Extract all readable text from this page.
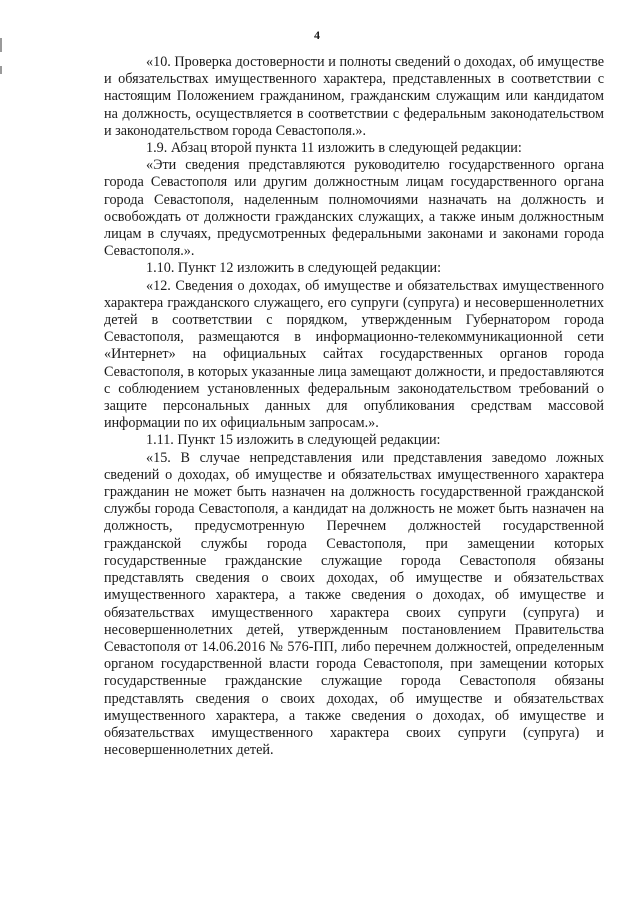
4

«10. Проверка достоверности и полноты сведений о доходах, об имуществе и обязательствах имущественного характера, представленных в соответствии с настоящим Положением гражданином, гражданским служащим или кандидатом на должность, осуществляется в соответствии с федеральным законодательством и законодательством города Севастополя.».

1.9. Абзац второй пункта 11 изложить в следующей редакции:

«Эти сведения представляются руководителю государственного органа города Севастополя или другим должностным лицам государственного органа города Севастополя, наделенным полномочиями назначать на должность и освобождать от должности гражданских служащих, а также иным должностным лицам в случаях, предусмотренных федеральными законами и законами города Севастополя.».

1.10. Пункт 12 изложить в следующей редакции:

«12. Сведения о доходах, об имуществе и обязательствах имущественного характера гражданского служащего, его супруги (супруга) и несовершеннолетних детей в соответствии с порядком, утвержденным Губернатором города Севастополя, размещаются в информационно-телекоммуникационной сети «Интернет» на официальных сайтах государственных органов города Севастополя, в которых указанные лица замещают должности, и предоставляются с соблюдением установленных федеральным законодательством требований о защите персональных данных для опубликования средствам массовой информации по их официальным запросам.».

1.11. Пункт 15 изложить в следующей редакции:

«15. В случае непредставления или представления заведомо ложных сведений о доходах, об имуществе и обязательствах имущественного характера гражданин не может быть назначен на должность государственной гражданской службы города Севастополя, а кандидат на должность не может быть назначен на должность, предусмотренную Перечнем должностей государственной гражданской службы города Севастополя, при замещении которых государственные гражданские служащие города Севастополя обязаны представлять сведения о своих доходах, об имуществе и обязательствах имущественного характера, а также сведения о доходах, об имуществе и обязательствах имущественного характера своих супруги (супруга) и несовершеннолетних детей, утвержденным постановлением Правительства Севастополя от 14.06.2016 № 576-ПП, либо перечнем должностей, определенным органом государственной власти города Севастополя, при замещении которых государственные гражданские служащие города Севастополя обязаны представлять сведения о своих доходах, об имуществе и обязательствах имущественного характера, а также сведения о доходах, об имуществе и обязательствах имущественного характера своих супруги (супруга) и несовершеннолетних детей.
